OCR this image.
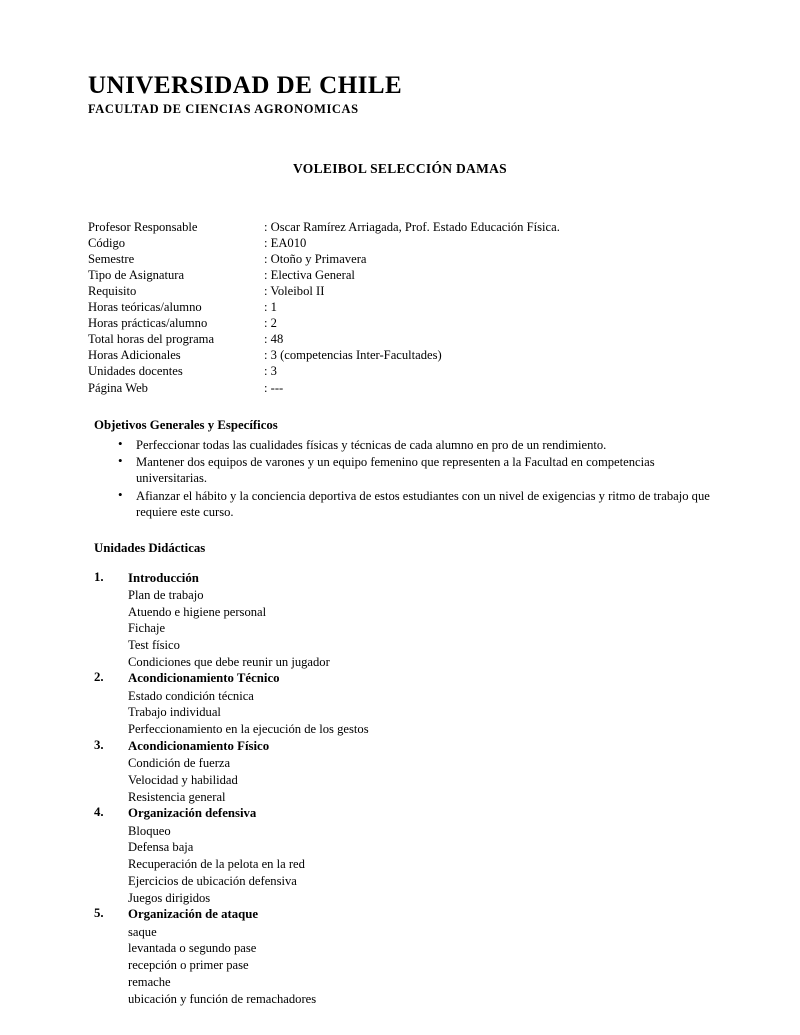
UNIVERSIDAD DE CHILE
FACULTAD DE CIENCIAS AGRONOMICAS
VOLEIBOL SELECCIÓN DAMAS
Profesor Responsable	: Oscar Ramírez Arriagada, Prof. Estado Educación Física.
Código	: EA010
Semestre	: Otoño y Primavera
Tipo de Asignatura	: Electiva General
Requisito	: Voleibol II
Horas teóricas/alumno	: 1
Horas prácticas/alumno	: 2
Total horas del programa	: 48
Horas Adicionales	: 3 (competencias Inter-Facultades)
Unidades docentes	: 3
Página Web	: ---
Objetivos Generales y Específicos
• Perfeccionar todas las cualidades físicas y técnicas de cada alumno en pro de un rendimiento.
• Mantener dos equipos de varones y un equipo femenino que representen a la Facultad en competencias universitarias.
• Afianzar el hábito y la conciencia deportiva de estos estudiantes con un nivel de exigencias y ritmo de trabajo que requiere este curso.
Unidades Didácticas
1.	Introducción
Plan de trabajo
Atuendo e higiene personal
Fichaje
Test físico
Condiciones que debe reunir un jugador
2.	Acondicionamiento Técnico
Estado condición técnica
Trabajo individual
Perfeccionamiento en la ejecución de los gestos
3.	Acondicionamiento Físico
Condición de fuerza
Velocidad y habilidad
Resistencia general
4.	Organización defensiva
Bloqueo
Defensa baja
Recuperación de la pelota en la red
Ejercicios de ubicación defensiva
Juegos dirigidos
5.	Organización de ataque
saque
levantada o segundo pase
recepción o primer pase
remache
ubicación y función de remachadores
